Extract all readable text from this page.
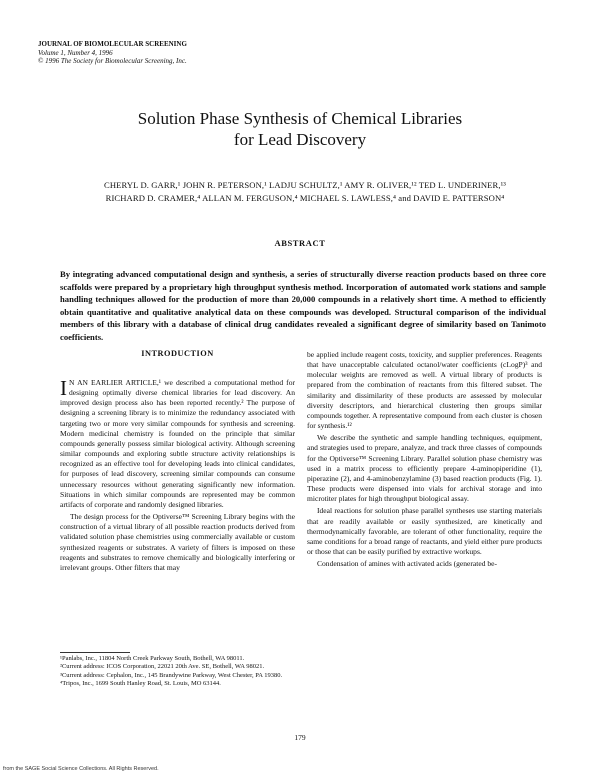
JOURNAL OF BIOMOLECULAR SCREENING
Volume 1, Number 4, 1996
© 1996 The Society for Biomolecular Screening, Inc.
Solution Phase Synthesis of Chemical Libraries
for Lead Discovery
CHERYL D. GARR,¹ JOHN R. PETERSON,¹ LADJU SCHULTZ,¹ AMY R. OLIVER,¹² TED L. UNDERINER,¹³
RICHARD D. CRAMER,⁴ ALLAN M. FERGUSON,⁴ MICHAEL S. LAWLESS,⁴ and DAVID E. PATTERSON⁴
ABSTRACT
By integrating advanced computational design and synthesis, a series of structurally diverse reaction products based on three core scaffolds were prepared by a proprietary high throughput synthesis method. Incorporation of automated work stations and sample handling techniques allowed for the production of more than 20,000 compounds in a relatively short time. A method to efficiently obtain quantitative and qualitative analytical data on these compounds was developed. Structural comparison of the individual members of this library with a database of clinical drug candidates revealed a significant degree of similarity based on Tanimoto coefficients.
INTRODUCTION

I N AN EARLIER ARTICLE,¹ we described a computational method for designing optimally diverse chemical libraries for lead discovery. An improved design process also has been reported recently.² The purpose of designing a screening library is to minimize the redundancy associated with targeting two or more very similar compounds for synthesis and screening. Modern medicinal chemistry is founded on the principle that similar compounds generally possess similar biological activity. Although screening similar compounds and exploring subtle structure activity relationships is recognized as an effective tool for developing leads into clinical candidates, for purposes of lead discovery, screening similar compounds can consume unnecessary resources without generating significantly new information. Situations in which similar compounds are represented may be common artifacts of corporate and randomly designed libraries.

The design process for the Optiverse™ Screening Library begins with the construction of a virtual library of all possible reaction products derived from validated solution phase chemistries using commercially available or custom synthesized reagents or substrates. A variety of filters is imposed on these reagents and substrates to remove chemically and biologically interfering or irrelevant groups. Other filters that may

be applied include reagent costs, toxicity, and supplier preferences. Reagents that have unacceptable calculated octanol/water coefficients (cLogP)³ and molecular weights are removed as well. A virtual library of products is prepared from the combination of reactants from this filtered subset. The similarity and dissimilarity of these products are assessed by molecular diversity descriptors, and hierarchical clustering then groups similar compounds together. A representative compound from each cluster is chosen for synthesis.¹²

We describe the synthetic and sample handling techniques, equipment, and strategies used to prepare, analyze, and track three classes of compounds for the Optiverse™ Screening Library. Parallel solution phase chemistry was used in a matrix process to efficiently prepare 4-aminopiperidine (1), piperazine (2), and 4-aminobenzylamine (3) based reaction products (Fig. 1). These products were dispensed into vials for archival storage and into microtiter plates for high throughput biological assay.

Ideal reactions for solution phase parallel syntheses use starting materials that are readily available or easily synthesized, are kinetically and thermodynamically favorable, are tolerant of other functionality, require the same conditions for a broad range of reactants, and yield either pure products or those that can be easily purified by extractive workups.

Condensation of amines with activated acids (generated be-

¹Panlabs, Inc., 11804 North Creek Parkway South, Bothell, WA 98011.
²Current address: ICOS Corporation, 22021 20th Ave. SE, Bothell, WA 98021.
³Current address: Cephalon, Inc., 145 Brandywine Parkway, West Chester, PA 19380.
⁴Tripos, Inc., 1699 South Hanley Road, St. Louis, MO 63144.
179
from the SAGE Social Science Collections. All Rights Reserved.
